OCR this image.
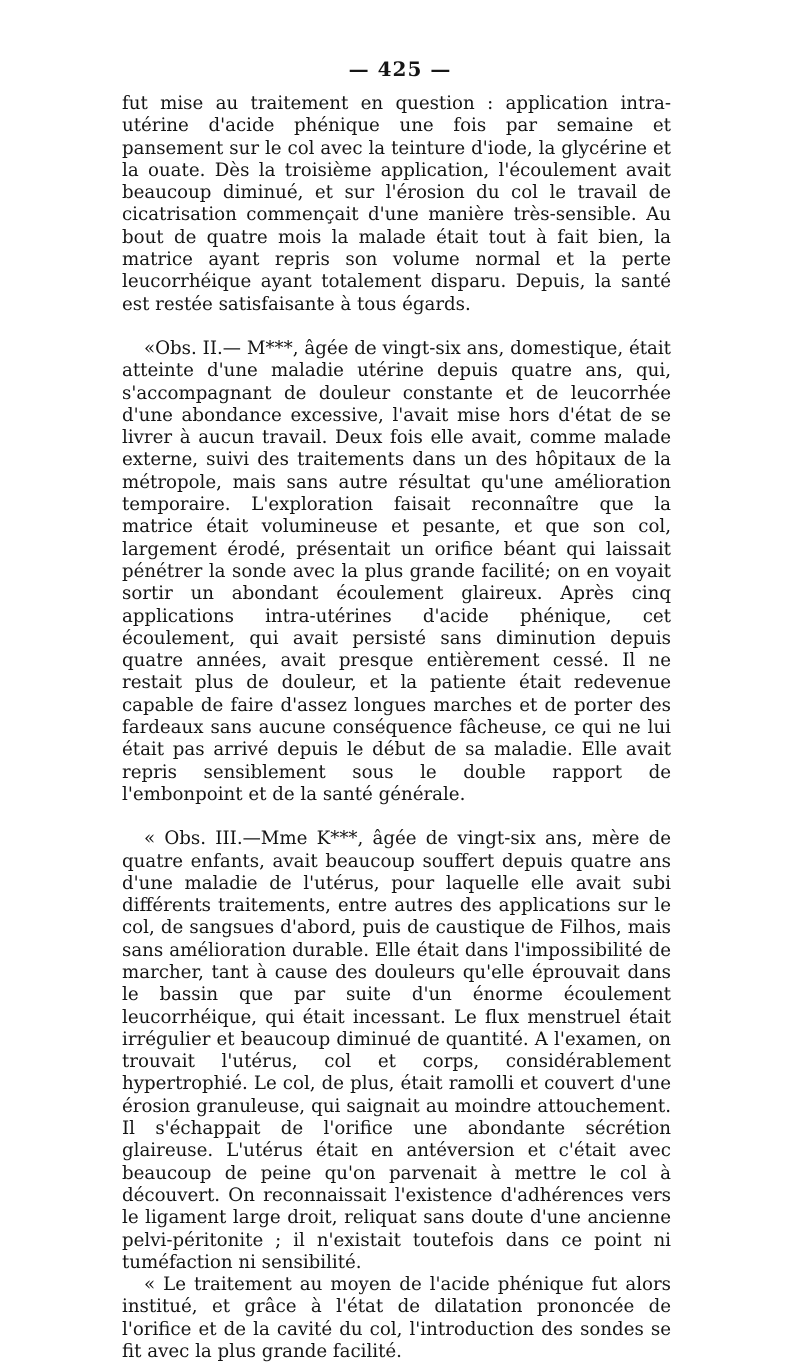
— 425 —

fut mise au traitement en question : application intra-utérine d'acide phénique une fois par semaine et pansement sur le col avec la teinture d'iode, la glycérine et la ouate. Dès la troisième application, l'écoulement avait beaucoup diminué, et sur l'érosion du col le travail de cicatrisation commençait d'une manière très-sensible. Au bout de quatre mois la malade était tout à fait bien, la matrice ayant repris son volume normal et la perte leucorrhéique ayant totalement disparu. Depuis, la santé est restée satisfaisante à tous égards.

«Obs. II.— M***, âgée de vingt-six ans, domestique, était atteinte d'une maladie utérine depuis quatre ans, qui, s'accompagnant de douleur constante et de leucorrhée d'une abondance excessive, l'avait mise hors d'état de se livrer à aucun travail. Deux fois elle avait, comme malade externe, suivi des traitements dans un des hôpitaux de la métropole, mais sans autre résultat qu'une amélioration temporaire. L'exploration faisait reconnaître que la matrice était volumineuse et pesante, et que son col, largement érodé, présentait un orifice béant qui laissait pénétrer la sonde avec la plus grande facilité; on en voyait sortir un abondant écoulement glaireux. Après cinq applications intra-utérines d'acide phénique, cet écoulement, qui avait persisté sans diminution depuis quatre années, avait presque entièrement cessé. Il ne restait plus de douleur, et la patiente était redevenue capable de faire d'assez longues marches et de porter des fardeaux sans aucune conséquence fâcheuse, ce qui ne lui était pas arrivé depuis le début de sa maladie. Elle avait repris sensiblement sous le double rapport de l'embonpoint et de la santé générale.

« Obs. III.—Mme K***, âgée de vingt-six ans, mère de quatre enfants, avait beaucoup souffert depuis quatre ans d'une maladie de l'utérus, pour laquelle elle avait subi différents traitements, entre autres des applications sur le col, de sangsues d'abord, puis de caustique de Filhos, mais sans amélioration durable. Elle était dans l'impossibilité de marcher, tant à cause des douleurs qu'elle éprouvait dans le bassin que par suite d'un énorme écoulement leucorrhéique, qui était incessant. Le flux menstruel était irrégulier et beaucoup diminué de quantité. A l'examen, on trouvait l'utérus, col et corps, considérablement hypertrophié. Le col, de plus, était ramolli et couvert d'une érosion granuleuse, qui saignait au moindre attouchement. Il s'échappait de l'orifice une abondante sécrétion glaireuse. L'utérus était en antéversion et c'était avec beaucoup de peine qu'on parvenait à mettre le col à découvert. On reconnaissait l'existence d'adhérences vers le ligament large droit, reliquat sans doute d'une ancienne pelvi-péritonite ; il n'existait toutefois dans ce point ni tuméfaction ni sensibilité.

« Le traitement au moyen de l'acide phénique fut alors institué, et grâce à l'état de dilatation prononcée de l'orifice et de la cavité du col, l'introduction des sondes se fit avec la plus grande facilité.
